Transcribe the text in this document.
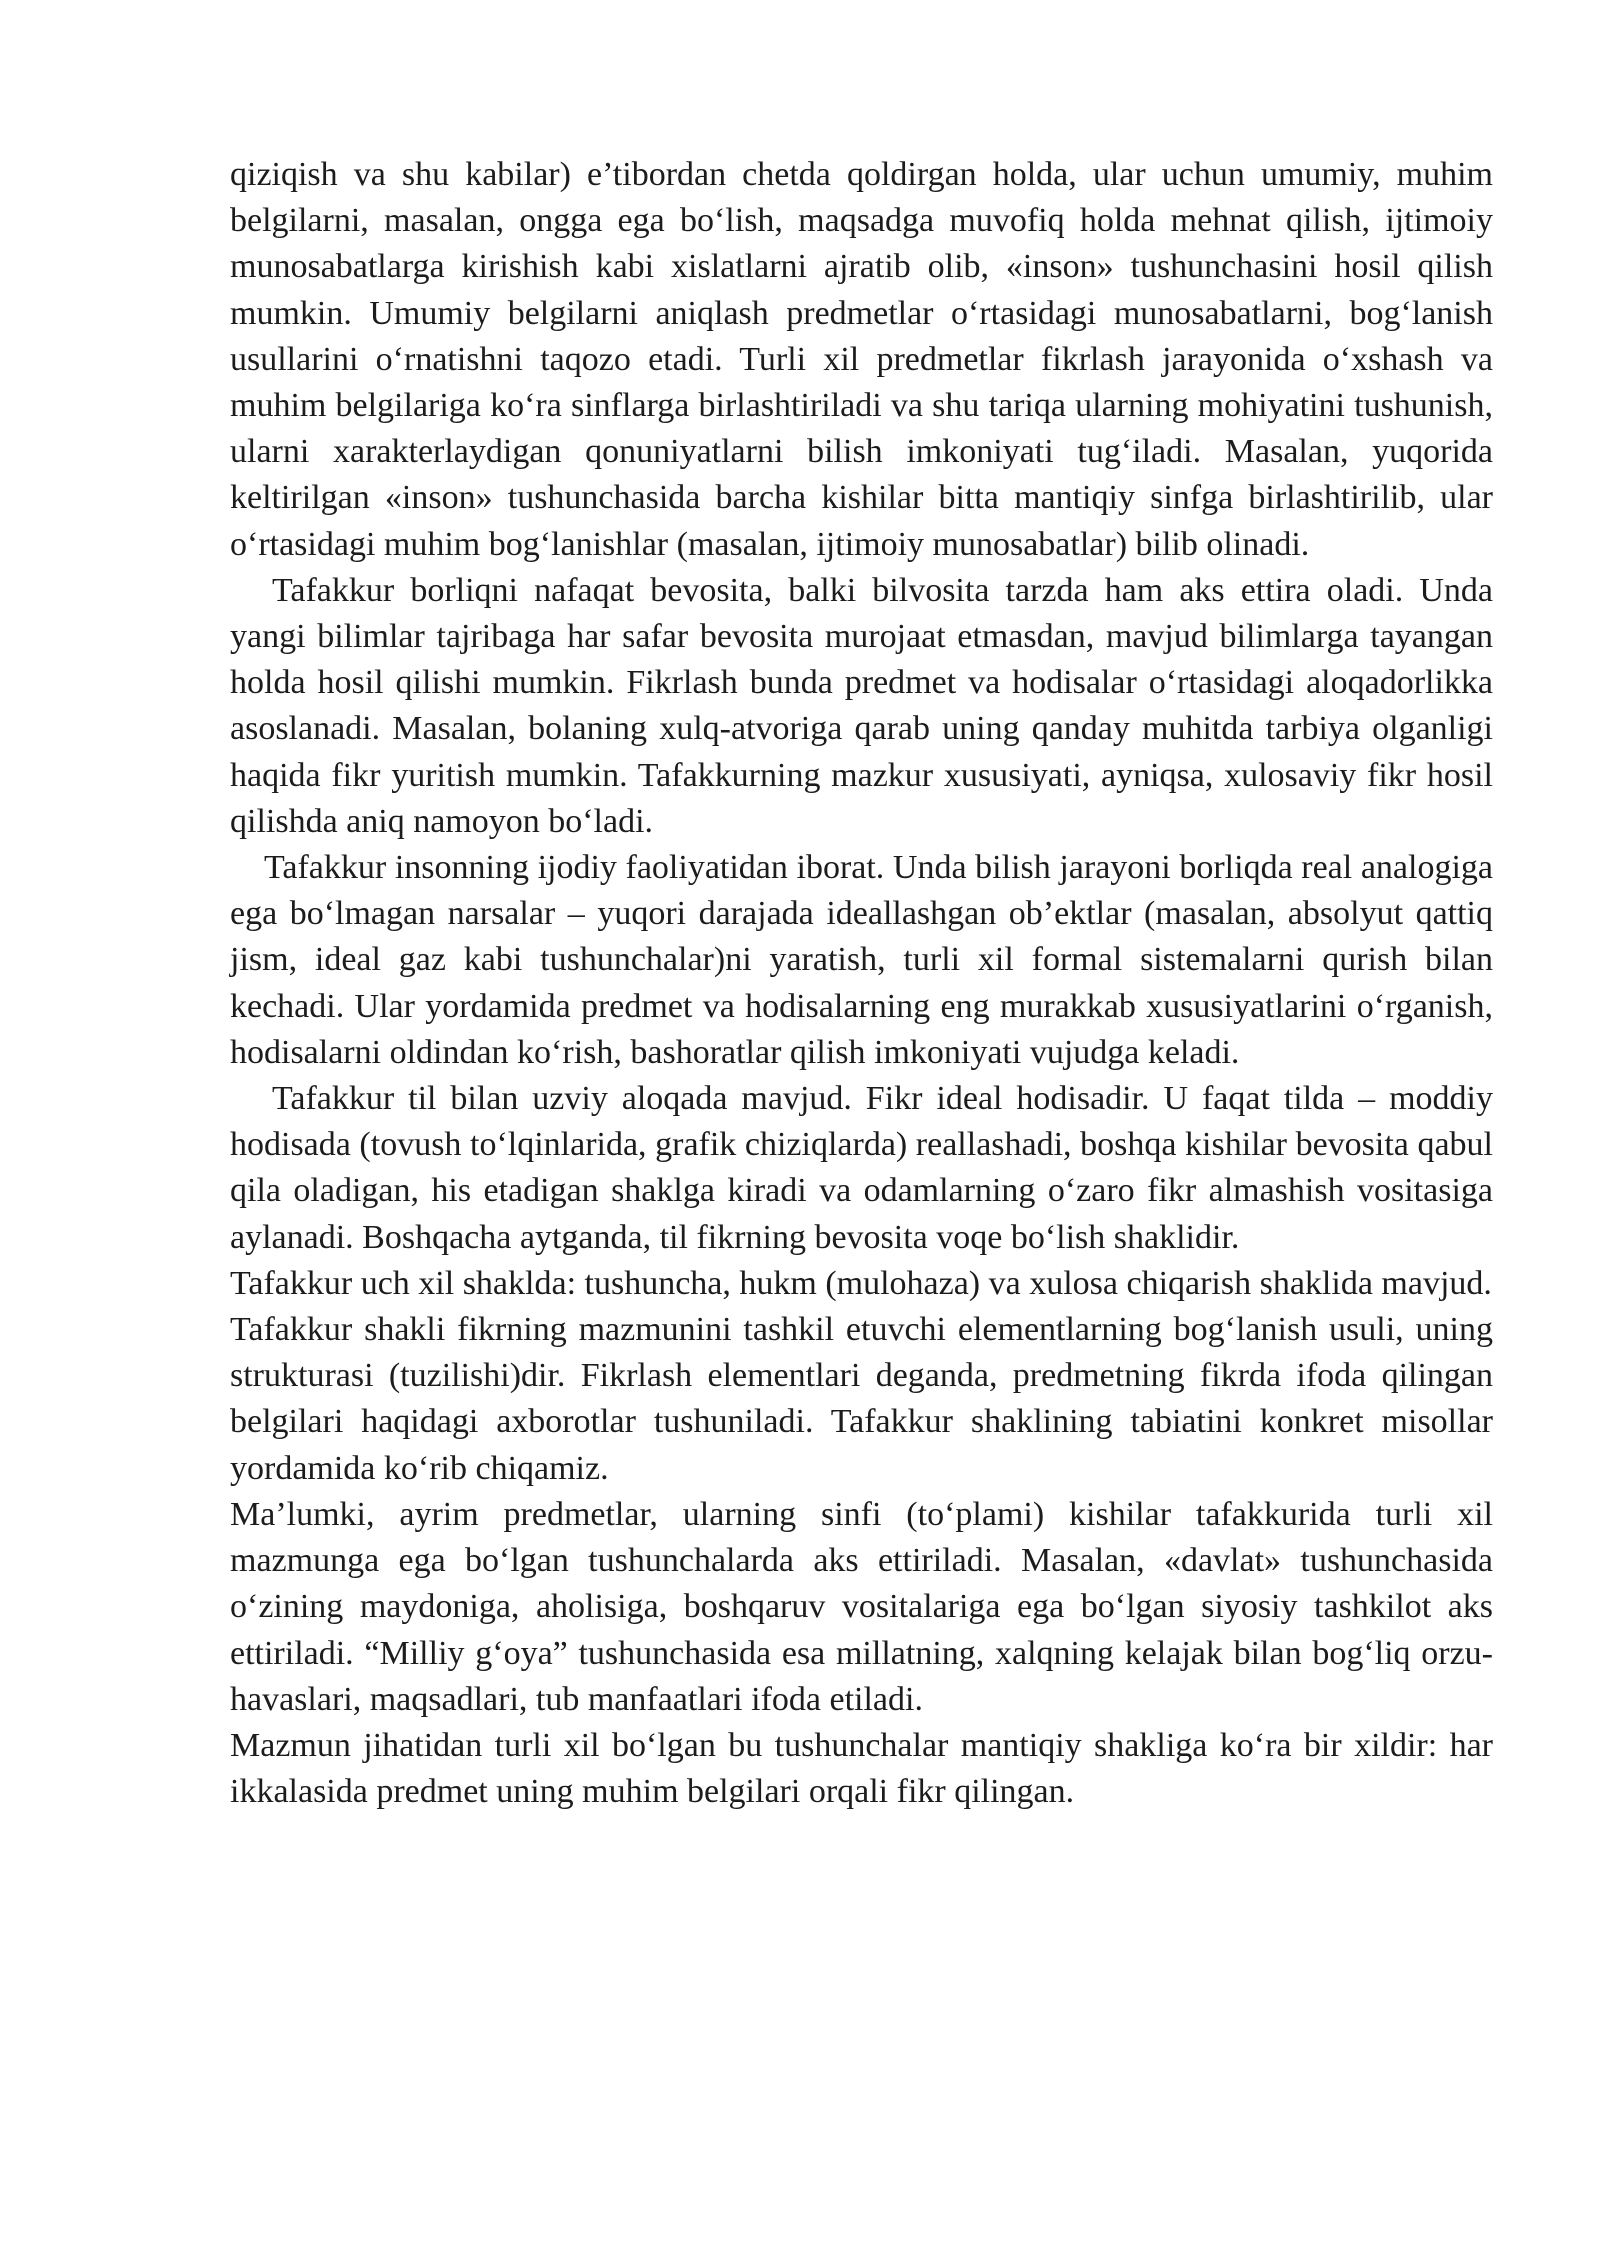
qiziqish va shu kabilar) e’tibordan chetda qoldirgan holda, ular uchun umumiy, muhim belgilarni, masalan, ongga ega bo‘lish, maqsadga muvofiq holda mehnat qilish, ijtimoiy munosabatlarga kirishish kabi xislatlarni ajratib olib, «inson» tushunchasini hosil qilish mumkin. Umumiy belgilarni aniqlash predmetlar o‘rtasidagi munosabatlarni, bog‘lanish usullarini o‘rnatishni taqozo etadi. Turli xil predmetlar fikrlash jarayonida o‘xshash va muhim belgilariga ko‘ra sinflarga birlashtiriladi va shu tariqa ularning mohiyatini tushunish, ularni xarakterlaydigan qonuniyatlarni bilish imkoniyati tug‘iladi. Masalan, yuqorida keltirilgan «inson» tushunchasida barcha kishilar bitta mantiqiy sinfga birlashtirilib, ular o‘rtasidagi muhim bog‘lanishlar (masalan, ijtimoiy munosabatlar) bilib olinadi.

Tafakkur borliqni nafaqat bevosita, balki bilvosita tarzda ham aks ettira oladi. Unda yangi bilimlar tajribaga har safar bevosita murojaat etmasdan, mavjud bilimlarga tayangan holda hosil qilishi mumkin. Fikrlash bunda predmet va hodisalar o‘rtasidagi aloqadorlikka asoslanadi. Masalan, bolaning xulq-atvoriga qarab uning qanday muhitda tarbiya olganligi haqida fikr yuritish mumkin. Tafakkurning mazkur xususiyati, ayniqsa, xulosaviy fikr hosil qilishda aniq namoyon bo‘ladi.

Tafakkur insonning ijodiy faoliyatidan iborat. Unda bilish jarayoni borliqda real analogiga ega bo‘lmagan narsalar – yuqori darajada ideallashgan ob’ektlar (masalan, absolyut qattiq jism, ideal gaz kabi tushunchalar)ni yaratish, turli xil formal sistemalarni qurish bilan kechadi. Ular yordamida predmet va hodisalarning eng murakkab xususiyatlarini o‘rganish, hodisalarni oldindan ko‘rish, bashoratlar qilish imkoniyati vujudga keladi.

Tafakkur til bilan uzviy aloqada mavjud. Fikr ideal hodisadir. U faqat tilda – moddiy hodisada (tovush to‘lqinlarida, grafik chiziqlarda) reallashadi, boshqa kishilar bevosita qabul qila oladigan, his etadigan shaklga kiradi va odamlarning o‘zaro fikr almashish vositasiga aylanadi. Boshqacha aytganda, til fikrning bevosita voqe bo‘lish shaklidir.

Tafakkur uch xil shaklda: tushuncha, hukm (mulohaza) va xulosa chiqarish shaklida mavjud.

Tafakkur shakli fikrning mazmunini tashkil etuvchi elementlarning bog‘lanish usuli, uning strukturasi (tuzilishi)dir. Fikrlash elementlari deganda, predmetning fikrda ifoda qilingan belgilari haqidagi axborotlar tushuniladi. Tafakkur shaklining tabiatini konkret misollar yordamida ko‘rib chiqamiz.

Ma’lumki, ayrim predmetlar, ularning sinfi (to‘plami) kishilar tafakkurida turli xil mazmunga ega bo‘lgan tushunchalarda aks ettiriladi. Masalan, «davlat» tushunchasida o‘zining maydoniga, aholisiga, boshqaruv vositalariga ega bo‘lgan siyosiy tashkilot aks ettiriladi. “Milliy g‘oya” tushunchasida esa millatning, xalqning kelajak bilan bog‘liq orzu-havaslari, maqsadlari, tub manfaatlari ifoda etiladi.

Mazmun jihatidan turli xil bo‘lgan bu tushunchalar mantiqiy shakliga ko‘ra bir xildir: har ikkalasida predmet uning muhim belgilari orqali fikr qilingan.
